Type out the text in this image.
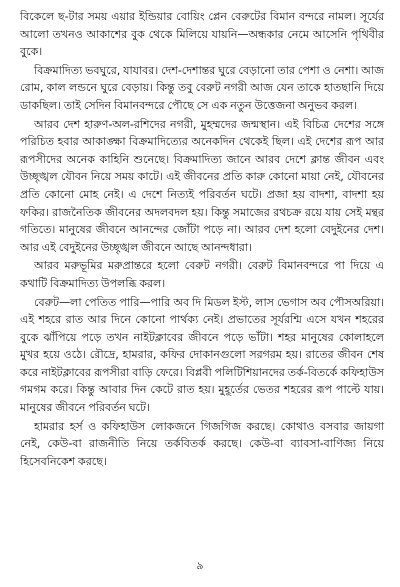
বিকেলে ছ-টার সময় এয়ার ইন্ডিয়ার বোয়িং প্লেন বেরুটের বিমান বন্দরে নামল। সূর্যের আলো তখনও আকাশের বুক থেকে মিলিয়ে যায়নি—অন্ধকার নেমে আসেনি পৃথিবীর বুকে।

বিক্রমাদিত্য ভবঘুরে, যাযাবর। দেশ-দেশান্তর ঘুরে বেড়ানো তার পেশা ও নেশা। আজ রোম, কাল লন্ডনে ঘুরে বেড়ায়। কিন্তু তবু বেরুট নগরী আজ যেন তাকে হাতছানি দিয়ে ডাকছিল। তাই সেদিন বিমানবন্দরে পৌছে সে এক নতুন উত্তেজনা অনুভব করল।

আরব দেশ হারুণ-অল-রশিদের নগরী, মুহম্মদের জন্মস্থান। এই বিচিত্র দেশের সঙ্গে পরিচিত হবার আকাঙ্ক্ষা বিক্রমাদিত্যের অনেকদিন থেকেই ছিল। এই দেশের রূপ আর রূপসীদের অনেক কাহিনি শুনেছে। বিক্রমাদিত্য জানে আরব দেশে ক্লান্ত জীবন এবং উচ্ছৃঙ্খল যৌবন নিয়ে সময় কাটে। এই জীবনের প্রতি কারু কোনো মায়া নেই, যৌবনের প্রতি কোনো মোহ নেই। এ দেশে নিত্যই পরিবর্তন ঘটে। প্রজা হয় বাদশা, বাদশা হয় ফকির। রাজনৈতিক জীবনের অদলবদল হয়। কিন্তু সমাজের রথচক্র রয়ে যায় সেই মন্থর গতিতে। মানুষের জীবনে আনন্দের জোঁটা পড়ে না। আরব দেশ হলো বেদুইনের দেশ। আর এই বেদুইনের উচ্ছৃঙ্খল জীবনে আছে আনন্দধারা।

আরব মরুভূমির মরুপ্রান্তরে হলো বেরুট নগরী। বেরুট বিমানবন্দরে পা দিয়ে এ কথাটি বিক্রমাদিত্য উপলব্ধি করল।

বেরুট—লা পেতিত পারি—পারি অব দি মিডল ইস্ট, লাস ভেগাস অব পৌসঅরিয়া। এই শহরে রাত আর দিনে কোনো পার্থক্য নেই। প্রভাতের সূর্যরশ্মি এসে যখন শহরের বুকে ঝাঁপিয়ে পড়ে তখন নাইটক্লাবের জীবনে পড়ে ভাঁটা। শহর মানুষের কোলাহলে মুখর হয়ে ওঠে। রৌদ্রে, হামরার, কফির দোকানগুলো সরগরম হয়। রাতের জীবন শেষ করে নাইটক্লাবের রূপসীরা বাড়ি ফেরে। বিপ্লবী পলিটিশিয়ানদের তর্ক-বিতর্কে কফিহাউস গমগম করে। কিন্তু আবার দিন কেটে রাত হয়। মুহূর্তের ভেতর শহরের রূপ পাল্টে যায়। মানুষের জীবনে পরিবর্তন ঘটে।

হামরার হর্স ও কফিহাউস লোকজনে গিজগিজ করছে। কোথাও বসবার জায়গা নেই, কেউ-বা রাজনীতি নিয়ে তর্কবিতর্ক করছে। কেউ-বা ব্যাবসা-বাণিজ্য নিয়ে হিসেবনিকেশ করছে।

৯
